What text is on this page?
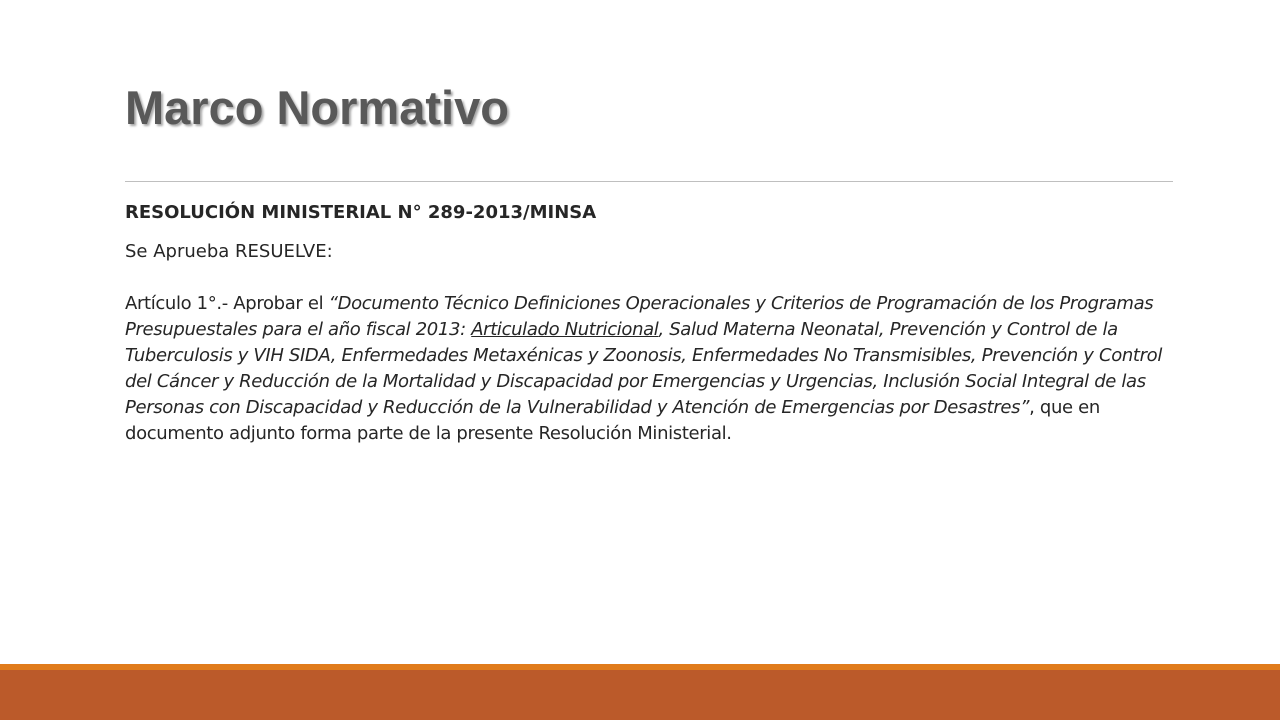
Marco Normativo

RESOLUCIÓN MINISTERIAL N° 289-2013/MINSA

Se Aprueba RESUELVE:

Artículo 1°.- Aprobar el “Documento Técnico Definiciones Operacionales y Criterios de Programación de los Programas Presupuestales para el año fiscal 2013: Articulado Nutricional, Salud Materna Neonatal, Prevención y Control de la Tuberculosis y VIH SIDA, Enfermedades Metaxénicas y Zoonosis, Enfermedades No Transmisibles, Prevención y Control del Cáncer y Reducción de la Mortalidad y Discapacidad por Emergencias y Urgencias, Inclusión Social Integral de las Personas con Discapacidad y Reducción de la Vulnerabilidad y Atención de Emergencias por Desastres”, que en documento adjunto forma parte de la presente Resolución Ministerial.
